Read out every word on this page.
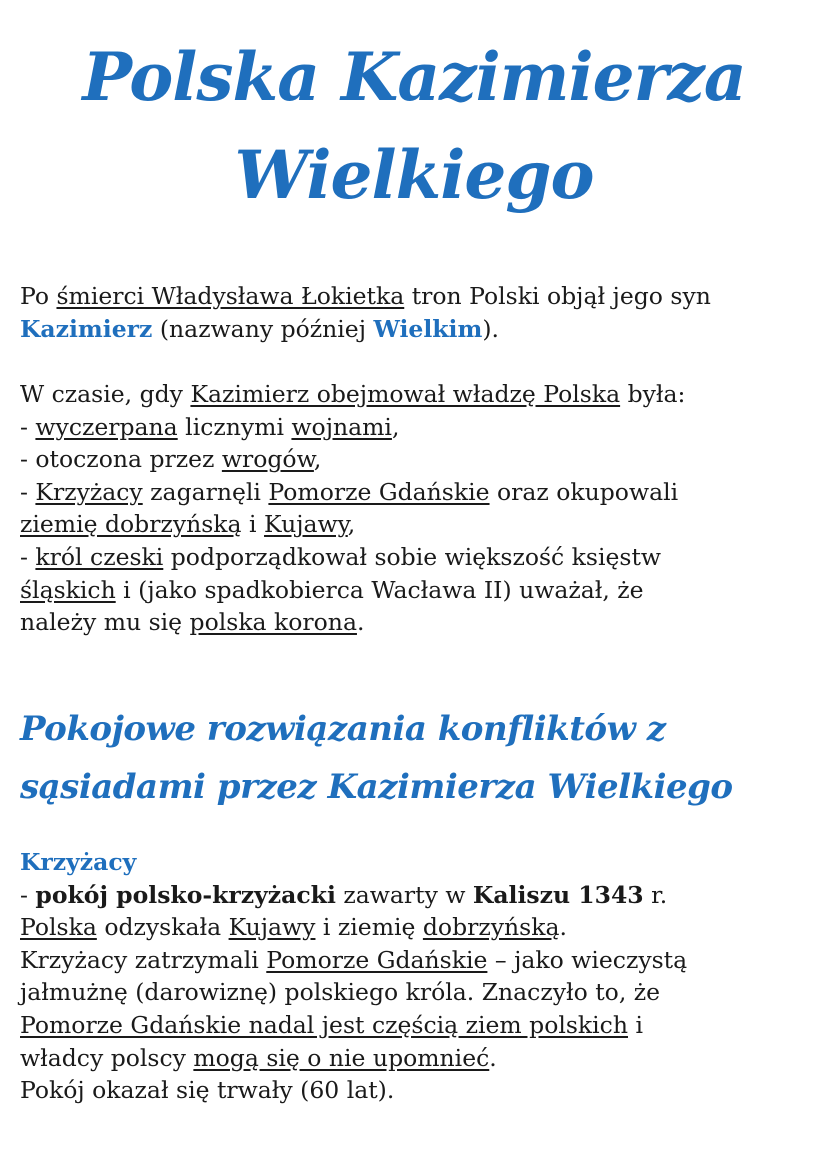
Polska Kazimierza
Wielkiego
Po śmierci Władysława Łokietka tron Polski objął jego syn
Kazimierz (nazwany później Wielkim).
W czasie, gdy Kazimierz obejmował władzę Polska była:
- wyczerpana licznymi wojnami,
- otoczona przez wrogów,
- Krzyżacy zagarnęli Pomorze Gdańskie oraz okupowali
ziemię dobrzyńską i Kujawy,
- król czeski podporządkował sobie większość księstw
śląskich i (jako spadkobierca Wacława II) uważał, że
należy mu się polska korona.
Pokojowe rozwiązania konfliktów z
sąsiadami przez Kazimierza Wielkiego
Krzyżacy
- pokój polsko-krzyżacki zawarty w Kaliszu 1343 r.
Polska odzyskała Kujawy i ziemię dobrzyńską.
Krzyżacy zatrzymali Pomorze Gdańskie – jako wieczystą
jałmużnę (darowiznę) polskiego króla. Znaczyło to, że
Pomorze Gdańskie nadal jest częścią ziem polskich i
władcy polscy mogą się o nie upomnieć.
Pokój okazał się trwały (60 lat).
